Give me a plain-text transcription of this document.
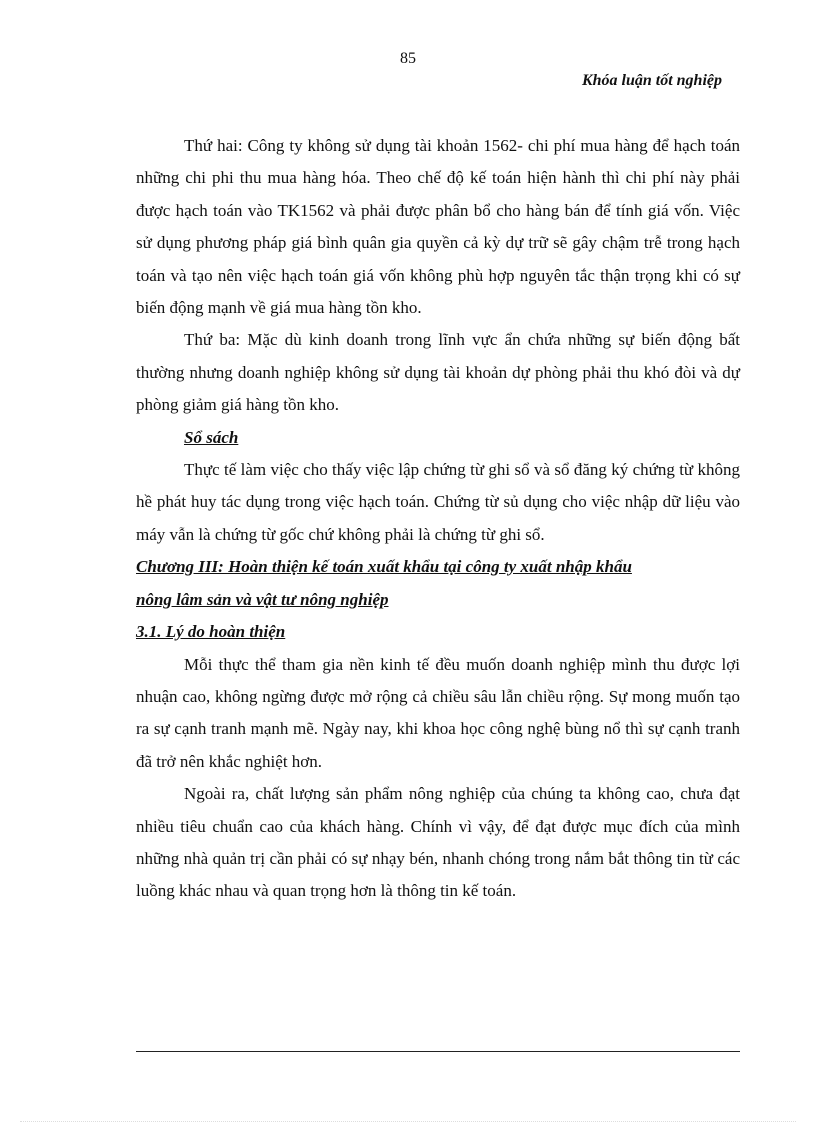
85
Khóa luận tốt nghiệp

Thứ hai: Công ty không sử dụng tài khoản 1562- chi phí mua hàng để hạch toán những chi phi thu mua hàng hóa. Theo chế độ kế toán hiện hành thì chi phí này phải được hạch toán vào TK1562 và phải được phân bổ cho hàng bán để tính giá vốn. Việc sử dụng phương pháp giá bình quân gia quyền cả kỳ dự trữ sẽ gây chậm trễ trong hạch toán và tạo nên việc hạch toán giá vốn không phù hợp nguyên tắc thận trọng khi có sự biến động mạnh về giá mua hàng tồn kho.

Thứ ba: Mặc dù kinh doanh trong lĩnh vực ẩn chứa những sự biến động bất thường nhưng doanh nghiệp không sử dụng tài khoản dự phòng phải thu khó đòi và dự phòng giảm giá hàng tồn kho.

Sổ sách

Thực tế làm việc cho thấy việc lập chứng từ ghi sổ và sổ đăng ký chứng từ không hề phát huy tác dụng trong việc hạch toán. Chứng từ sủ dụng cho việc nhập dữ liệu vào máy vẫn là chứng từ gốc chứ không phải là chứng từ ghi sổ.

Chương III: Hoàn thiện kế toán xuất khẩu tại công ty xuất nhập khẩu

nông lâm sản và vật tư nông nghiệp

3.1. Lý do hoàn thiện

Mỗi thực thể tham gia nền kinh tế đều muốn doanh nghiệp mình thu được lợi nhuận cao, không ngừng được mở rộng cả chiều sâu lẫn chiều rộng. Sự mong muốn tạo ra sự cạnh tranh mạnh mẽ. Ngày nay, khi khoa học công nghệ bùng nổ thì sự cạnh tranh đã trở nên khắc nghiệt hơn.

Ngoài ra, chất lượng sản phẩm nông nghiệp của chúng ta không cao, chưa đạt nhiều tiêu chuẩn cao của khách hàng. Chính vì vậy, để đạt được mục đích của mình những nhà quản trị cần phải có sự nhạy bén, nhanh chóng trong nắm bắt thông tin từ các luồng khác nhau và quan trọng hơn là thông tin kế toán.
